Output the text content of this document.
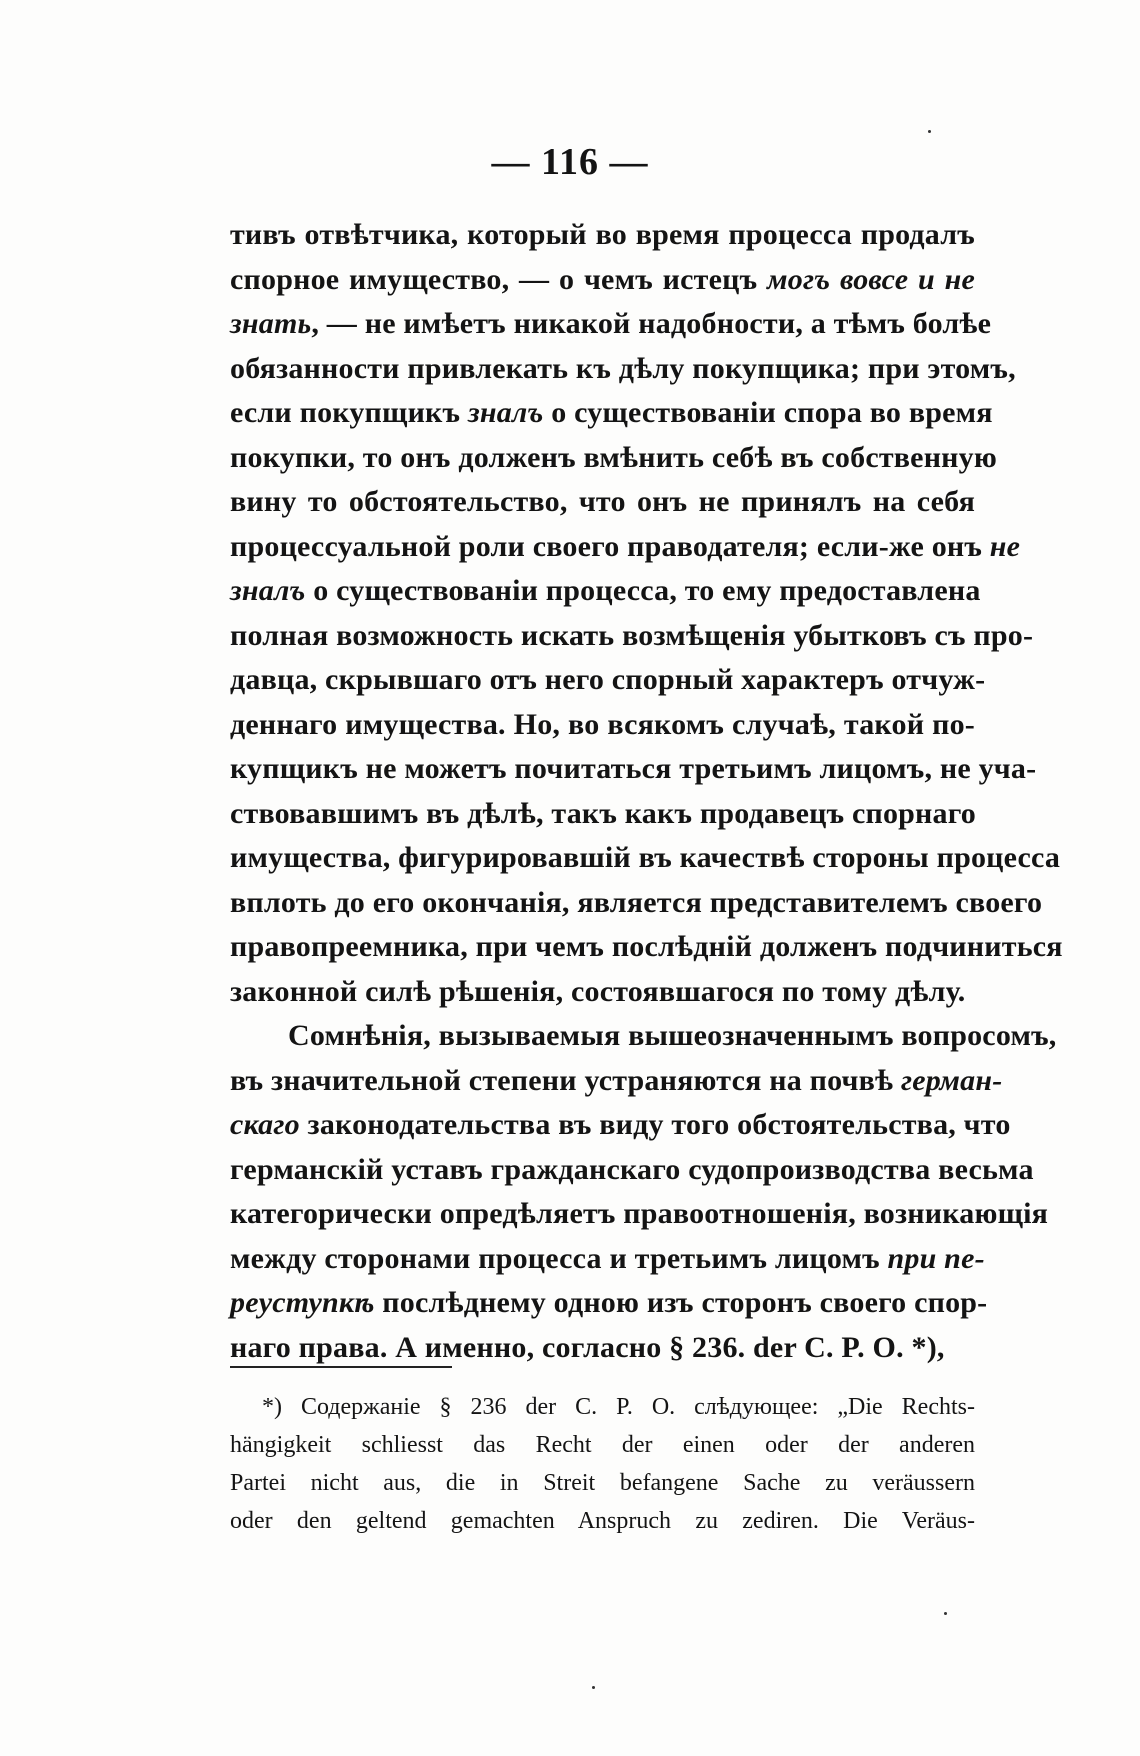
— 116 —
тивъ отвѣтчика, который во время процесса продалъ
спорное имущество, — о чемъ истецъ могъ вовсе и не
знать, — не имѣетъ никакой надобности, а тѣмъ болѣе
обязанности привлекать къ дѣлу покупщика; при этомъ,
если покупщикъ зналъ о существованіи спора во время
покупки, то онъ долженъ вмѣнить себѣ въ собственную
вину то обстоятельство, что онъ не принялъ на себя
процессуальной роли своего праводателя; если-же онъ не
зналъ о существованіи процесса, то ему предоставлена
полная возможность искать возмѣщенія убытковъ съ про-
давца, скрывшаго отъ него спорный характеръ отчуж-
деннаго имущества. Но, во всякомъ случаѣ, такой по-
купщикъ не можетъ почитаться третьимъ лицомъ, не уча-
ствовавшимъ въ дѣлѣ, такъ какъ продавецъ спорнаго
имущества, фигурировавшій въ качествѣ стороны процесса
вплоть до его окончанія, является представителемъ своего
правопреемника, при чемъ послѣдній долженъ подчиниться
законной силѣ рѣшенія, состоявшагося по тому дѣлу.
Сомнѣнія, вызываемыя вышеозначеннымъ вопросомъ,
въ значительной степени устраняются на почвѣ герман-
скаго законодательства въ виду того обстоятельства, что
германскій уставъ гражданскаго судопроизводства весьма
категорически опредѣляетъ правоотношенія, возникающія
между сторонами процесса и третьимъ лицомъ при пе-
реуступкѣ послѣднему одною изъ сторонъ своего спор-
наго права. А именно, согласно § 236. der C. P. O. *),
*) Содержаніе § 236 der C. P. O. слѣдующее: „Die Rechts-
hängigkeit schliesst das Recht der einen oder der anderen
Partei nicht aus, die in Streit befangene Sache zu veräussern
oder den geltend gemachten Anspruch zu zediren. Die Veräus-
